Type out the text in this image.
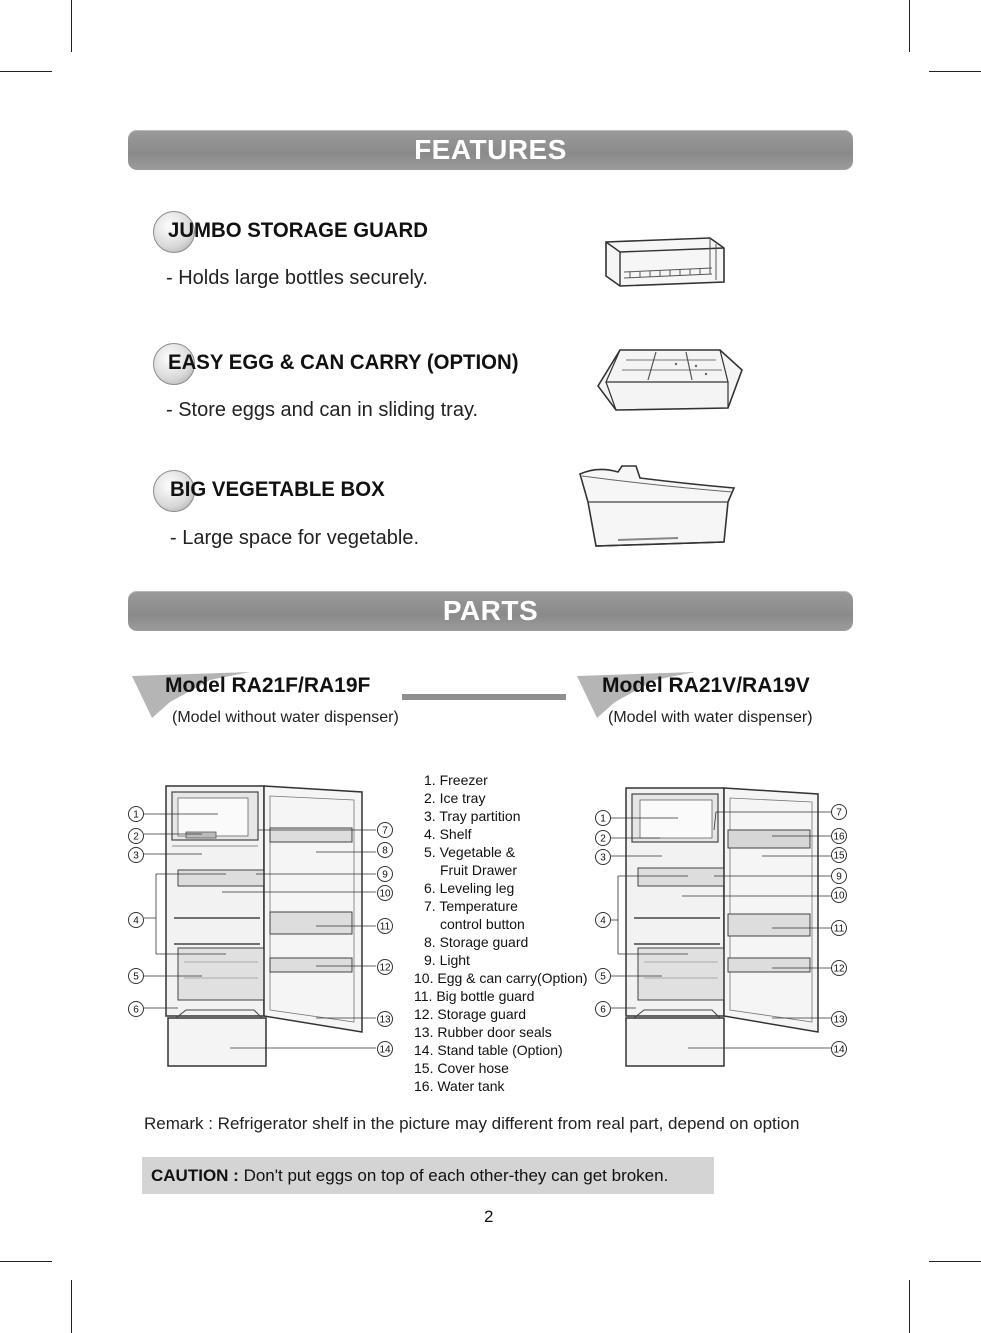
FEATURES
JUMBO STORAGE GUARD
- Holds large bottles securely.
EASY EGG & CAN CARRY (OPTION)
- Store eggs and can in sliding tray.
BIG VEGETABLE BOX
- Large space for vegetable.
PARTS
Model RA21F/RA19F
(Model without water dispenser)
Model RA21V/RA19V
(Model with water dispenser)
1
2
3
4
5
6
7
8
9
10
11
12
13
14
1. Freezer
2. Ice tray
3. Tray partition
4. Shelf
5. Vegetable &
Fruit Drawer
6. Leveling leg
7. Temperature
control button
8. Storage guard
9. Light
10. Egg & can carry(Option)
11. Big bottle guard
12. Storage guard
13. Rubber door seals
14. Stand table (Option)
15. Cover hose
16. Water tank
1
2
3
4
5
6
7
16
15
9
10
11
12
13
14
Remark : Refrigerator shelf in the picture may different from real part, depend on option
CAUTION : Don't put eggs on top of each other-they can get broken.
2
